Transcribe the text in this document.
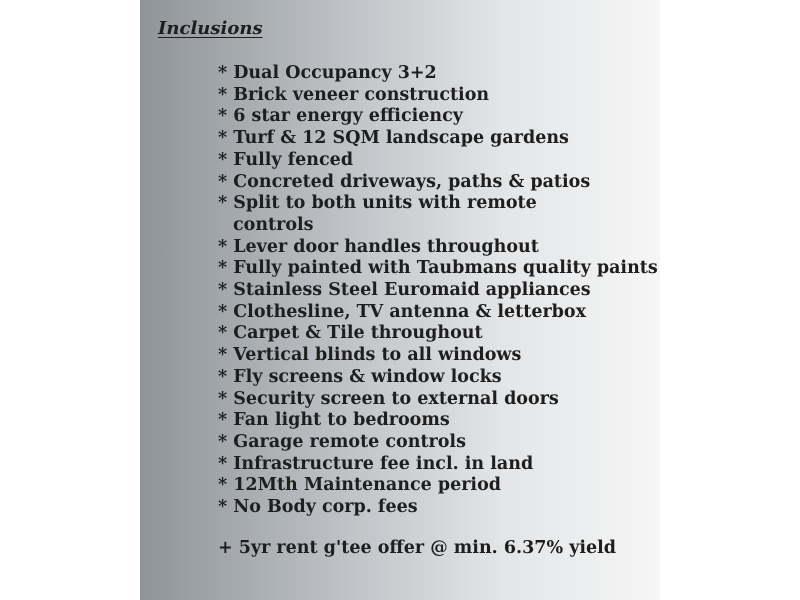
Inclusions
* Dual Occupancy 3+2
* Brick veneer construction
* 6 star energy efficiency
* Turf & 12 SQM landscape gardens
* Fully fenced
* Concreted driveways, paths & patios
* Split to both units with remote
controls
* Lever door handles throughout
* Fully painted with Taubmans quality paints
* Stainless Steel Euromaid appliances
* Clothesline, TV antenna & letterbox
* Carpet & Tile throughout
* Vertical blinds to all windows
* Fly screens & window locks
* Security screen to external doors
* Fan light to bedrooms
* Garage remote controls
* Infrastructure fee incl. in land
* 12Mth Maintenance period
* No Body corp. fees
+ 5yr rent g'tee offer @ min. 6.37% yield
